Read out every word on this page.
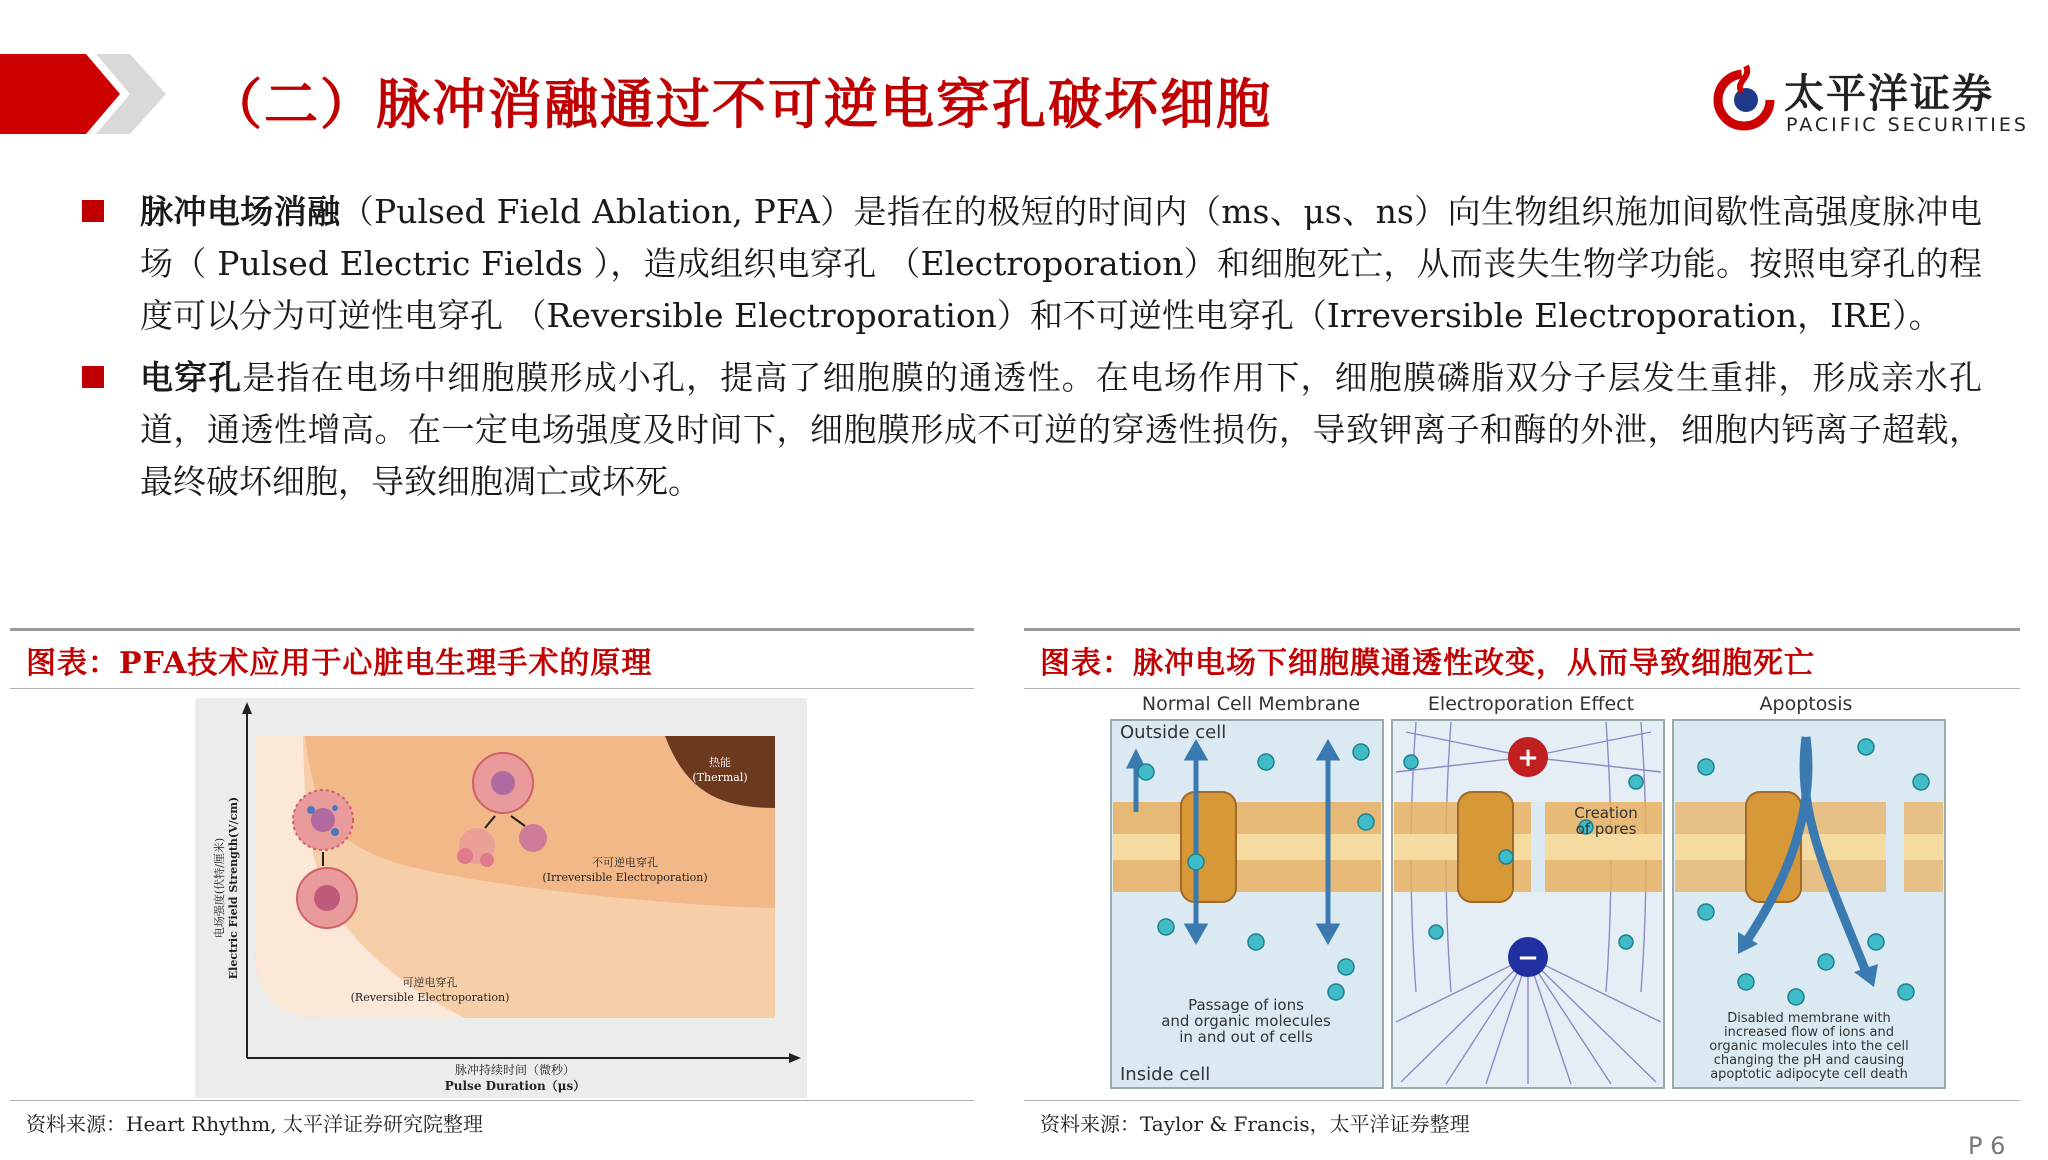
（二）脉冲消融通过不可逆电穿孔破坏细胞	太平洋证券
PACIFIC SECURITIES
脉冲电场消融（Pulsed Field Ablation, PFA）是指在的极短的时间内（ms、μs、ns）向生物组织施加间歇性高强度脉冲电场（ Pulsed Electric Fields ），造成组织电穿孔 （Electroporation）和细胞死亡，从而丧失生物学功能。按照电穿孔的程度可以分为可逆性电穿孔 （Reversible Electroporation）和不可逆性电穿孔（Irreversible Electroporation，IRE）。
电穿孔是指在电场中细胞膜形成小孔，提高了细胞膜的通透性。在电场作用下，细胞膜磷脂双分子层发生重排，形成亲水孔道，通透性增高。在一定电场强度及时间下，细胞膜形成不可逆的穿透性损伤，导致钾离子和酶的外泄，细胞内钙离子超载，最终破坏细胞，导致细胞凋亡或坏死。
图表：PFA技术应用于心脏电生理手术的原理
热能
(Thermal)
不可逆电穿孔
(Irreversible Electroporation)
可逆电穿孔
(Reversible Electroporation)
脉冲持续时间（微秒）
Pulse Duration（μs）
电场强度(伏特/厘米) Electric Field Strength(V/cm)
资料来源：Heart Rhythm, 太平洋证券研究院整理
图表：脉冲电场下细胞膜通透性改变，从而导致细胞死亡
Normal Cell Membrane	Electroporation Effect	Apoptosis
+
−
Outside cell
Inside cell
Creation
of pores
Passage of ions
and organic molecules
in and out of cells
Disabled membrane with
increased flow of ions and
organic molecules into the cell
changing the pH and causing
apoptotic adipocyte cell death
资料来源：Taylor & Francis，太平洋证券整理
P 6
